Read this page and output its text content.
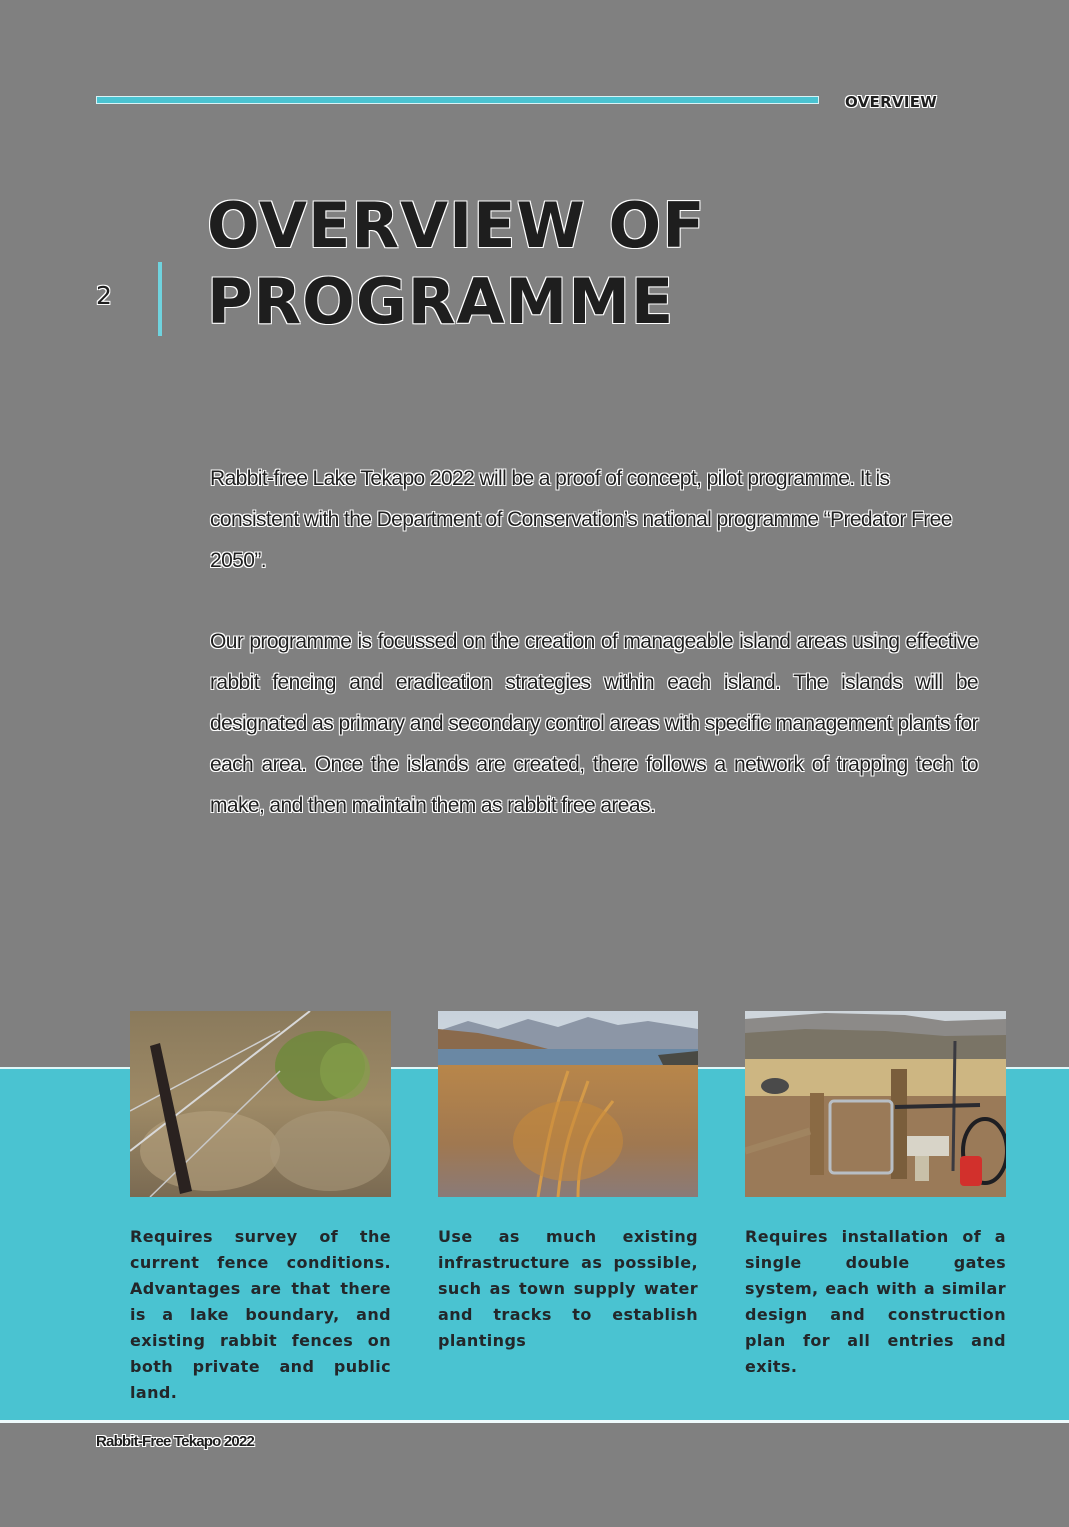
OVERVIEW
2
OVERVIEW OF
PROGRAMME

Rabbit-free Lake Tekapo 2022 will be a proof of concept, pilot programme. It is consistent with the Department of Conservation’s national programme “Predator Free 2050”.

Our programme is focussed on the creation of manageable island areas using effective rabbit fencing and eradication strategies within each island. The islands will be designated as primary and secondary control areas with specific management plants for each area. Once the islands are created, there follows a network of trapping tech to make, and then maintain them as rabbit free areas.

Requires survey of the current fence conditions. Advantages are that there is a lake boundary, and existing rabbit fences on both private and public land.
Use as much existing infrastructure as possible, such as town supply water and tracks to establish plantings
Requires installation of a single double gates system, each with a similar design and construction plan for all entries and exits.
Rabbit-Free Tekapo 2022
